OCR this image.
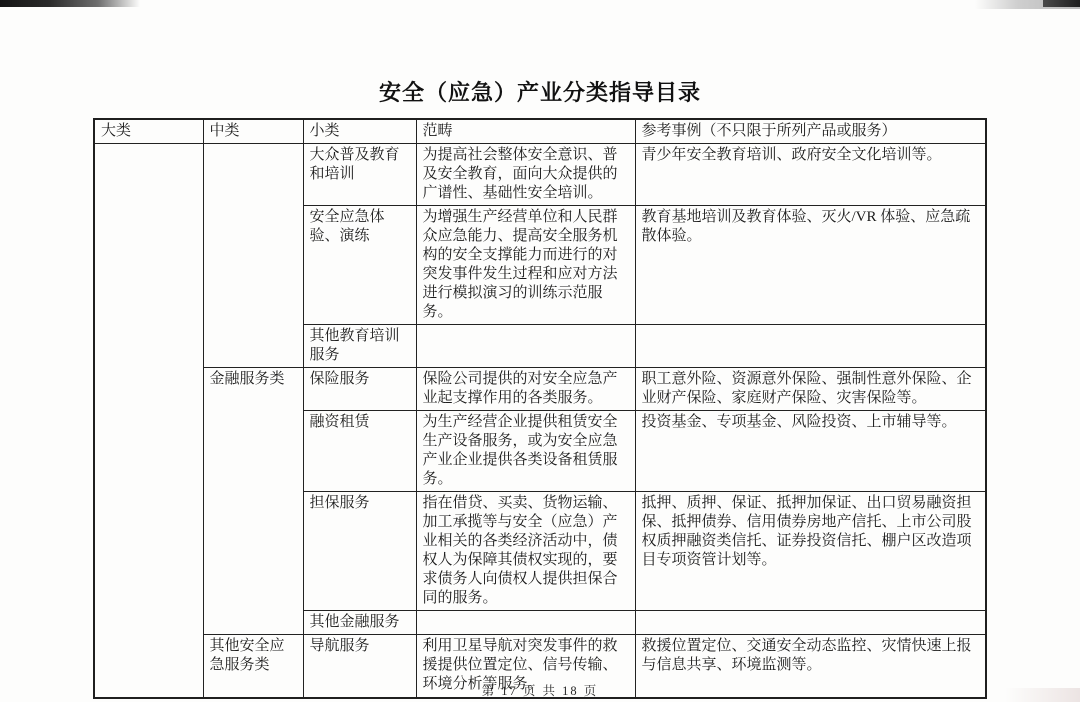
安全（应急）产业分类指导目录
大类	中类	小类	范畴	参考事例（不只限于所列产品或服务）
		大众普及教育和培训	为提高社会整体安全意识、普及安全教育，面向大众提供的广谱性、基础性安全培训。	青少年安全教育培训、政府安全文化培训等。
		安全应急体验、演练	为增强生产经营单位和人民群众应急能力、提高安全服务机构的安全支撑能力而进行的对突发事件发生过程和应对方法进行模拟演习的训练示范服务。	教育基地培训及教育体验、灭火/VR 体验、应急疏散体验。
		其他教育培训服务		
	金融服务类	保险服务	保险公司提供的对安全应急产业起支撑作用的各类服务。	职工意外险、资源意外保险、强制性意外保险、企业财产保险、家庭财产保险、灾害保险等。
		融资租赁	为生产经营企业提供租赁安全生产设备服务，或为安全应急产业企业提供各类设备租赁服务。	投资基金、专项基金、风险投资、上市辅导等。
		担保服务	指在借贷、买卖、货物运输、加工承揽等与安全（应急）产业相关的各类经济活动中，债权人为保障其债权实现的，要求债务人向债权人提供担保合同的服务。	抵押、质押、保证、抵押加保证、出口贸易融资担保、抵押债券、信用债券房地产信托、上市公司股权质押融资类信托、证券投资信托、棚户区改造项目专项资管计划等。
		其他金融服务		
	其他安全应急服务类	导航服务	利用卫星导航对突发事件的救援提供位置定位、信号传输、环境分析等服务。	救援位置定位、交通安全动态监控、灾情快速上报与信息共享、环境监测等。
第 17 页 共 18 页
